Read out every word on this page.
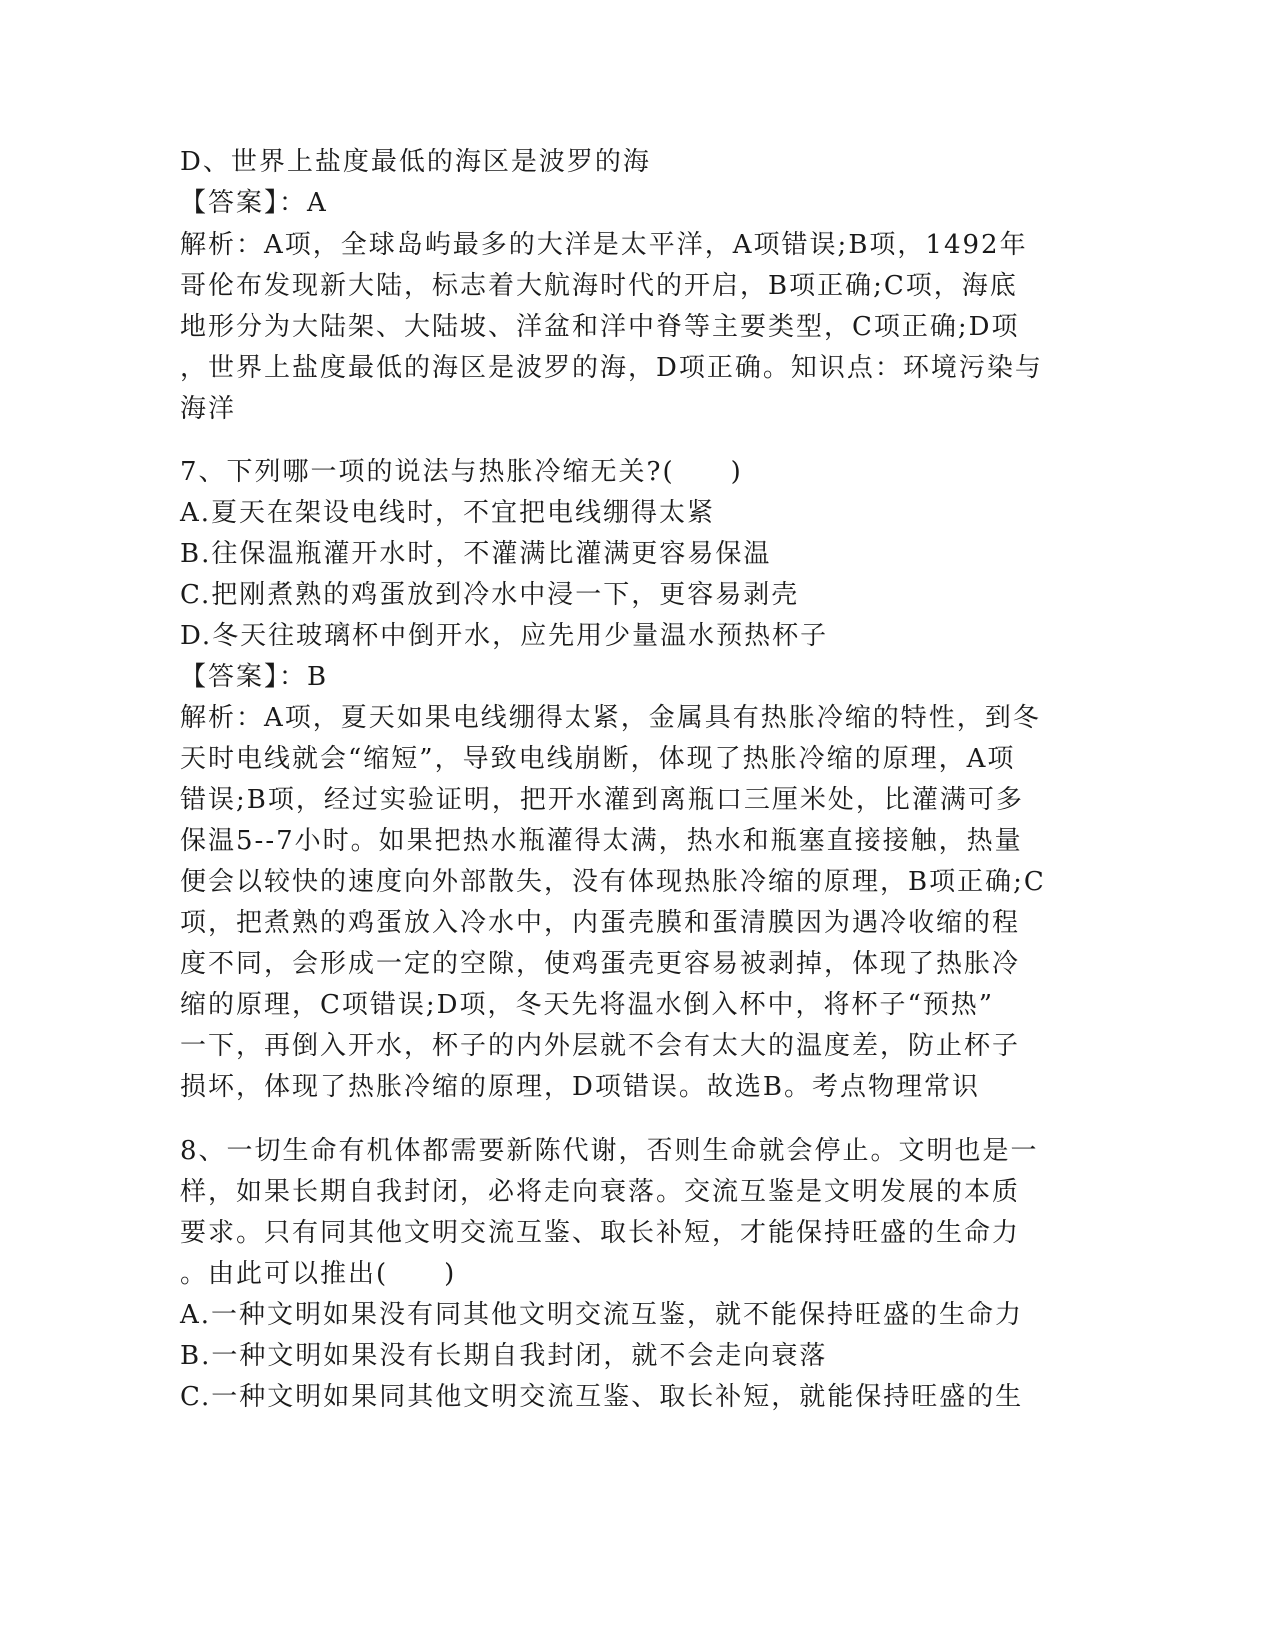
D、世界上盐度最低的海区是波罗的海
【答案】：A
解析：A项，全球岛屿最多的大洋是太平洋，A项错误;B项，1492年
哥伦布发现新大陆，标志着大航海时代的开启，B项正确;C项，海底
地形分为大陆架、大陆坡、洋盆和洋中脊等主要类型，C项正确;D项
，世界上盐度最低的海区是波罗的海，D项正确。知识点：环境污染与
海洋
7、下列哪一项的说法与热胀冷缩无关?(　　)
A.夏天在架设电线时，不宜把电线绷得太紧
B.往保温瓶灌开水时，不灌满比灌满更容易保温
C.把刚煮熟的鸡蛋放到冷水中浸一下，更容易剥壳
D.冬天往玻璃杯中倒开水，应先用少量温水预热杯子
【答案】：B
解析：A项，夏天如果电线绷得太紧，金属具有热胀冷缩的特性，到冬
天时电线就会“缩短”，导致电线崩断，体现了热胀冷缩的原理，A项
错误;B项，经过实验证明，把开水灌到离瓶口三厘米处，比灌满可多
保温5--7小时。如果把热水瓶灌得太满，热水和瓶塞直接接触，热量
便会以较快的速度向外部散失，没有体现热胀冷缩的原理，B项正确;C
项，把煮熟的鸡蛋放入冷水中，内蛋壳膜和蛋清膜因为遇冷收缩的程
度不同，会形成一定的空隙，使鸡蛋壳更容易被剥掉，体现了热胀冷
缩的原理，C项错误;D项，冬天先将温水倒入杯中，将杯子“预热”
一下，再倒入开水，杯子的内外层就不会有太大的温度差，防止杯子
损坏，体现了热胀冷缩的原理，D项错误。故选B。考点物理常识
8、一切生命有机体都需要新陈代谢，否则生命就会停止。文明也是一
样，如果长期自我封闭，必将走向衰落。交流互鉴是文明发展的本质
要求。只有同其他文明交流互鉴、取长补短，才能保持旺盛的生命力
。由此可以推出(　　)
A.一种文明如果没有同其他文明交流互鉴，就不能保持旺盛的生命力
B.一种文明如果没有长期自我封闭，就不会走向衰落
C.一种文明如果同其他文明交流互鉴、取长补短，就能保持旺盛的生
